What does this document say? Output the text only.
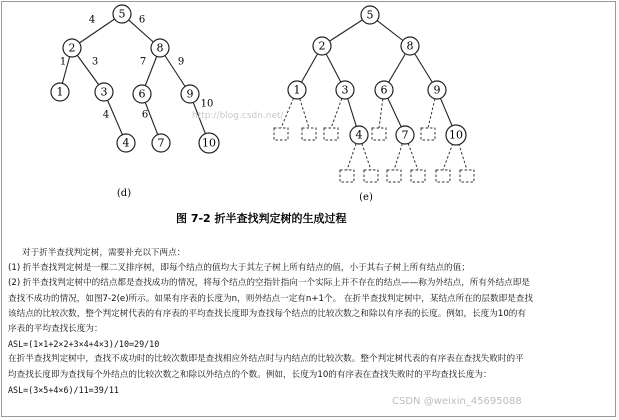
4	6
1	3	7	9
4	6
10
5
2	8
1	3	6	9
4	7	10
(d)
5
2	8
1	3	6	9
4	7	10
(e)
http://blog.csdn.net/
图 7-2 折半查找判定树的生成过程

对于折半查找判定树，需要补充以下两点：

(1) 折半查找判定树是一棵二叉排序树，即每个结点的值均大于其左子树上所有结点的值，小于其右子树上所有结点的值；

(2) 折半查找判定树中的结点都是查找成功的情况，将每个结点的空指针指向一个实际上并不存在的结点——称为外结点，所有外结点即是

查找不成功的情况，如图7-2(e)所示。如果有序表的长度为n，则外结点一定有n+1个。 在折半查找判定树中，某结点所在的层数即是查找

该结点的比较次数，整个判定树代表的有序表的平均查找长度即为查找每个结点的比较次数之和除以有序表的长度。例如，长度为10的有

序表的平均查找长度为：

ASL=(1×1+2×2+3×4+4×3)/10=29/10

在折半查找判定树中，查找不成功时的比较次数即是查找相应外结点时与内结点的比较次数。整个判定树代表的有序表在查找失败时的平

均查找长度即为查找每个外结点的比较次数之和除以外结点的个数。例如，长度为10的有序表在查找失败时的平均查找长度为：

ASL=(3×5+4×6)/11=39/11

CSDN @weixin_45695088
